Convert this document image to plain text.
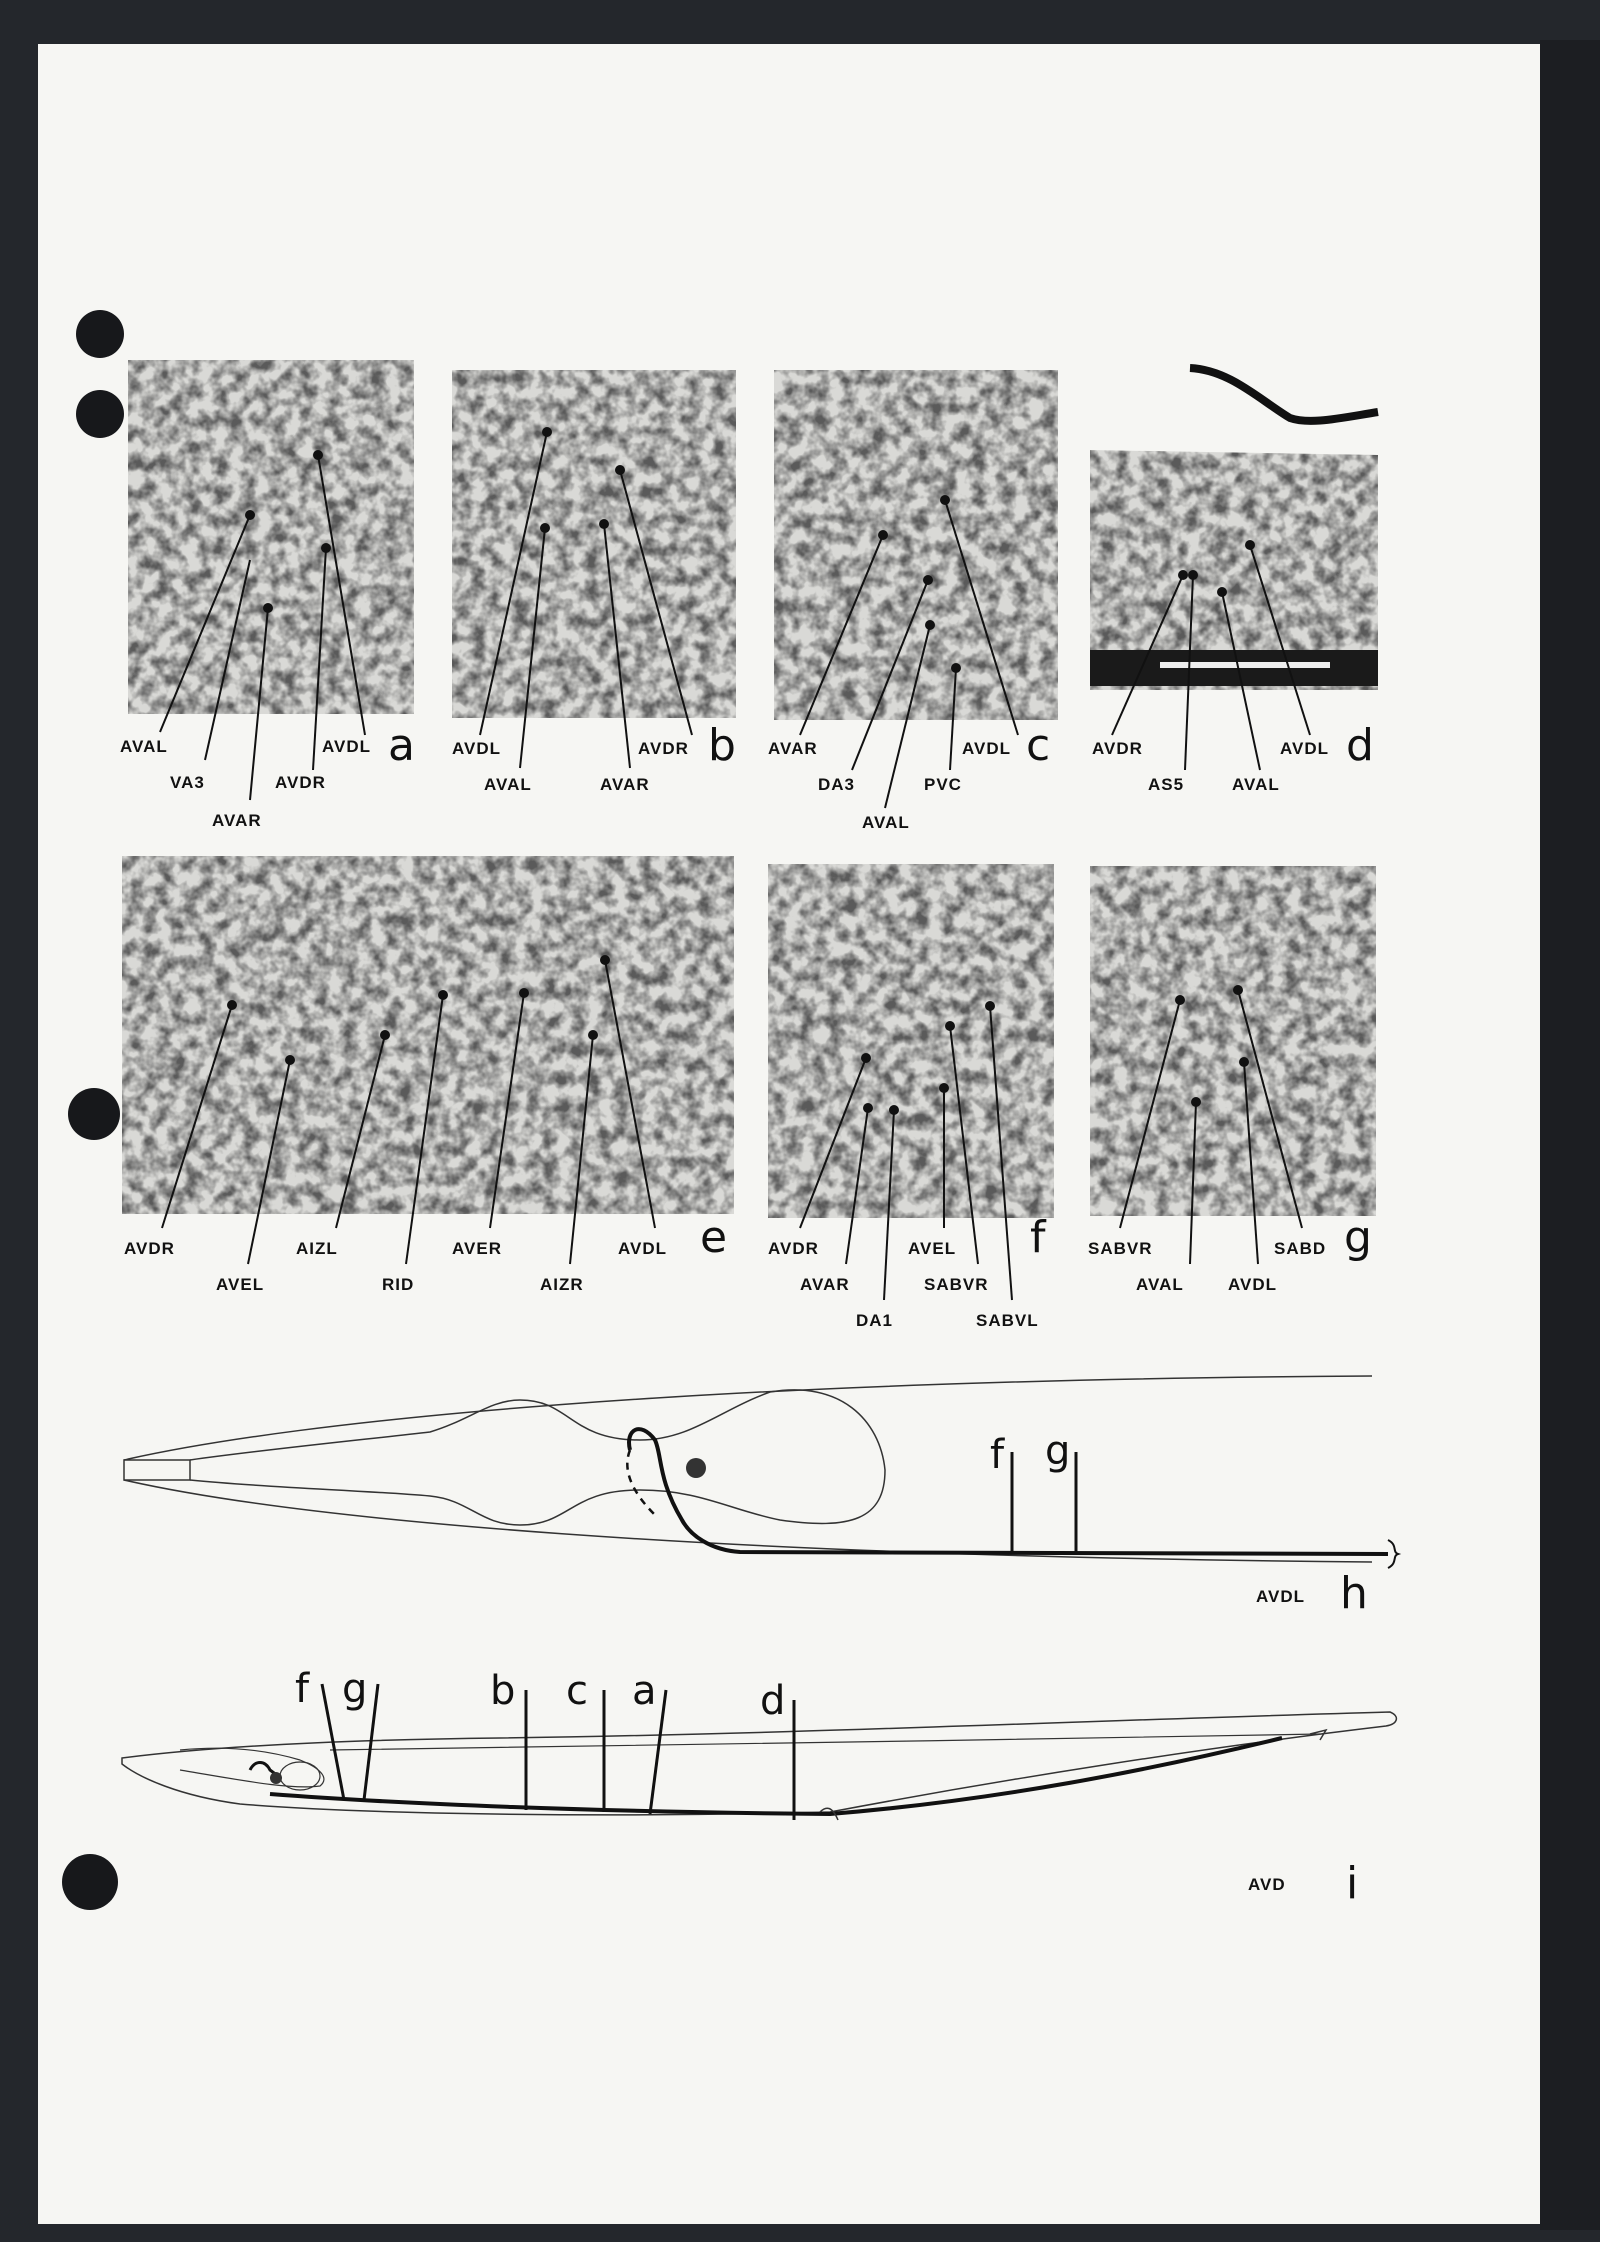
AVAL
VA3
AVAR
AVDR
AVDL a AVDL
AVAL	AVAR
AVDR b AVAR
DA3
AVAL
PVC
AVDL c AVDR
AS5	AVAL
AVDL d
AVDR
AVEL
AIZL
RID
AVER
AIZR
AVDL e AVDR
AVAR
DA1
AVEL
SABVR
SABVL
f	SABVR
AVAL	AVDL
SABD g
f g
AVDL h
f g	b c a	d
AVD i
